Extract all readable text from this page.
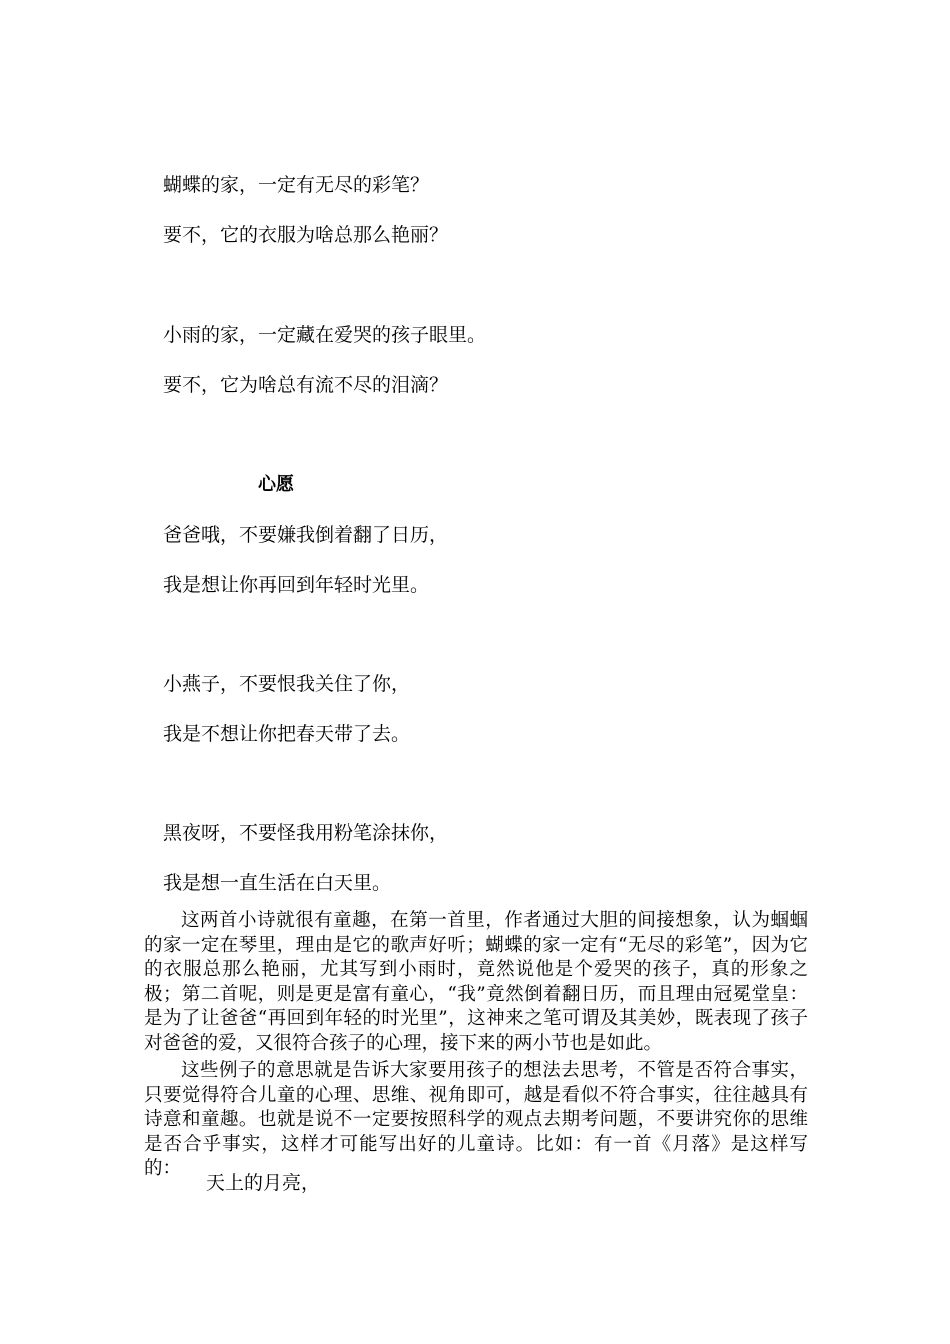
蝴蝶的家，一定有无尽的彩笔？
要不，它的衣服为啥总那么艳丽？
小雨的家，一定藏在爱哭的孩子眼里。
要不，它为啥总有流不尽的泪滴？
心愿
爸爸哦，不要嫌我倒着翻了日历，
我是想让你再回到年轻时光里。
小燕子，不要恨我关住了你，
我是不想让你把春天带了去。
黑夜呀，不要怪我用粉笔涂抹你，
我是想一直生活在白天里。

这两首小诗就很有童趣，在第一首里，作者通过大胆的间接想象，认为蝈蝈的家一定在琴里，理由是它的歌声好听；蝴蝶的家一定有“无尽的彩笔”，因为它的衣服总那么艳丽，尤其写到小雨时，竟然说他是个爱哭的孩子，真的形象之极；第二首呢，则是更是富有童心，“我”竟然倒着翻日历，而且理由冠冕堂皇：是为了让爸爸“再回到年轻的时光里”，这神来之笔可谓及其美妙，既表现了孩子对爸爸的爱，又很符合孩子的心理，接下来的两小节也是如此。

这些例子的意思就是告诉大家要用孩子的想法去思考，不管是否符合事实，只要觉得符合儿童的心理、思维、视角即可，越是看似不符合事实，往往越具有诗意和童趣。也就是说不一定要按照科学的观点去期考问题，不要讲究你的思维是否合乎事实，这样才可能写出好的儿童诗。比如：有一首《月落》是这样写的：

天上的月亮，
